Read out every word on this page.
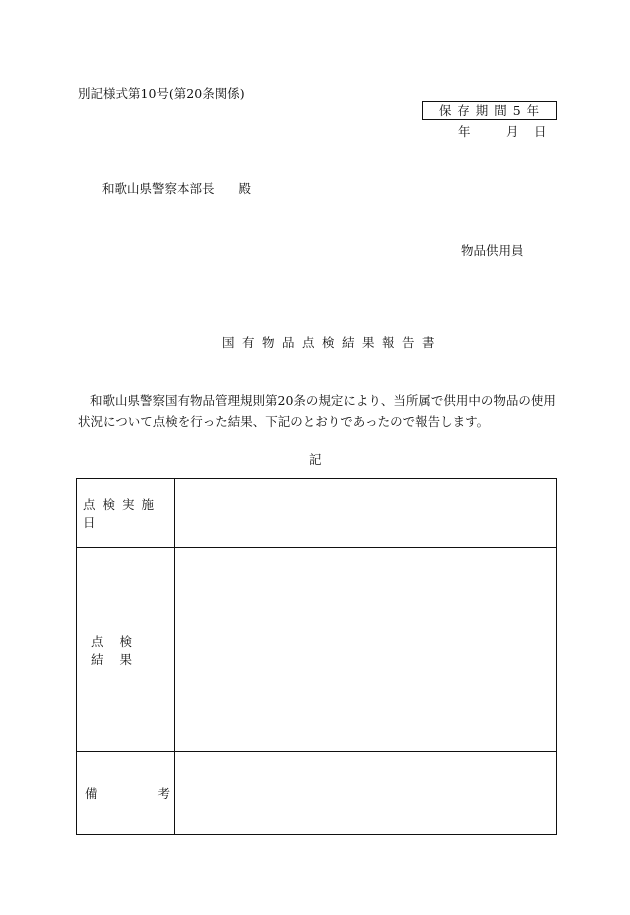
別記様式第10号(第20条関係)
保 存 期 間 5 年
年	月 日
和歌山県警察本部長 殿
物品供用員
国有物品点検結果報告書
和歌山県警察国有物品管理規則第20条の規定により、当所属で供用中の物品の使用状況について点検を行った結果、下記のとおりであったので報告します。
記
点検実施日
点検結果
備	考
